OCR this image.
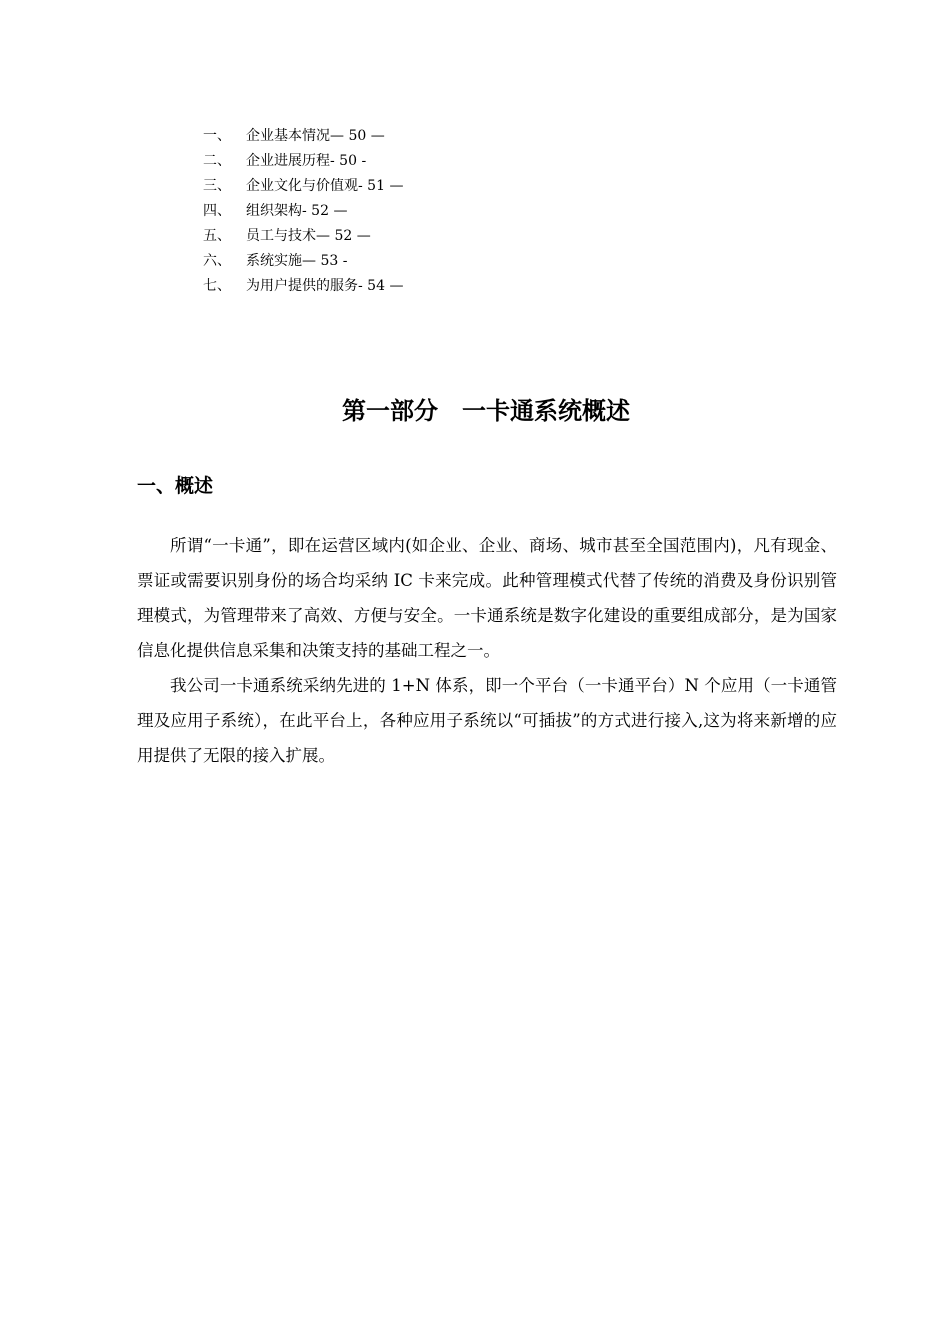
一、	企业基本情况— 50 —
二、	企业进展历程- 50 -
三、	企业文化与价值观- 51 —
四、	组织架构- 52 —
五、	员工与技术— 52 —
六、	系统实施— 53 -
七、	为用户提供的服务- 54 —
第一部分　一卡通系统概述
一、概述

所谓“一卡通”，即在运营区域内(如企业、企业、商场、城市甚至全国范围内)，凡有现金、票证或需要识别身份的场合均采纳 IC 卡来完成。此种管理模式代替了传统的消费及身份识别管理模式，为管理带来了高效、方便与安全。一卡通系统是数字化建设的重要组成部分，是为国家信息化提供信息采集和决策支持的基础工程之一。

我公司一卡通系统采纳先进的 1+N 体系，即一个平台（一卡通平台）N 个应用（一卡通管理及应用子系统），在此平台上，各种应用子系统以“可插拔”的方式进行接入,这为将来新增的应用提供了无限的接入扩展。
